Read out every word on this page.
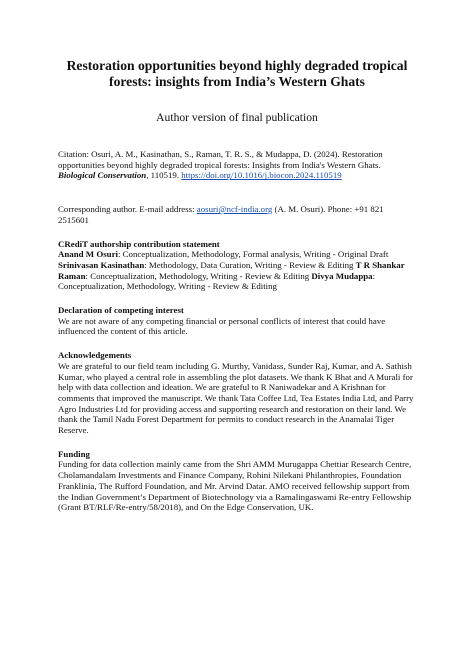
Restoration opportunities beyond highly degraded tropical
forests: insights from India’s Western Ghats
Author version of final publication
Citation: Osuri, A. M., Kasinathan, S., Raman, T. R. S., & Mudappa, D. (2024). Restoration opportunities beyond highly degraded tropical forests: Insights from India's Western Ghats. Biological Conservation, 110519. https://doi.org/10.1016/j.biocon.2024.110519
Corresponding author. E-mail address: aosuri@ncf-india.org (A. M. Osuri). Phone: +91 821 2515601
CRediT authorship contribution statement
Anand M Osuri: Conceptualization, Methodology, Formal analysis, Writing - Original Draft Srinivasan Kasinathan: Methodology, Data Curation, Writing - Review & Editing T R Shankar Raman: Conceptualization, Methodology, Writing - Review & Editing Divya Mudappa: Conceptualization, Methodology, Writing - Review & Editing
Declaration of competing interest
We are not aware of any competing financial or personal conflicts of interest that could have influenced the content of this article.
Acknowledgements
We are grateful to our field team including G. Murthy, Vanidass, Sunder Raj, Kumar, and A. Sathish Kumar, who played a central role in assembling the plot datasets. We thank K Bhat and A Murali for help with data collection and ideation. We are grateful to R Naniwadekar and A Krishnan for comments that improved the manuscript. We thank Tata Coffee Ltd, Tea Estates India Ltd, and Parry Agro Industries Ltd for providing access and supporting research and restoration on their land. We thank the Tamil Nadu Forest Department for permits to conduct research in the Anamalai Tiger Reserve.
Funding
Funding for data collection mainly came from the Shri AMM Murugappa Chettiar Research Centre, Cholamandalam Investments and Finance Company, Rohini Nilekani Philanthropies, Foundation Franklinia, The Rufford Foundation, and Mr. Arvind Datar. AMO received fellowship support from the Indian Government’s Department of Biotechnology via a Ramalingaswami Re-entry Fellowship (Grant BT/RLF/Re-entry/58/2018), and On the Edge Conservation, UK.
